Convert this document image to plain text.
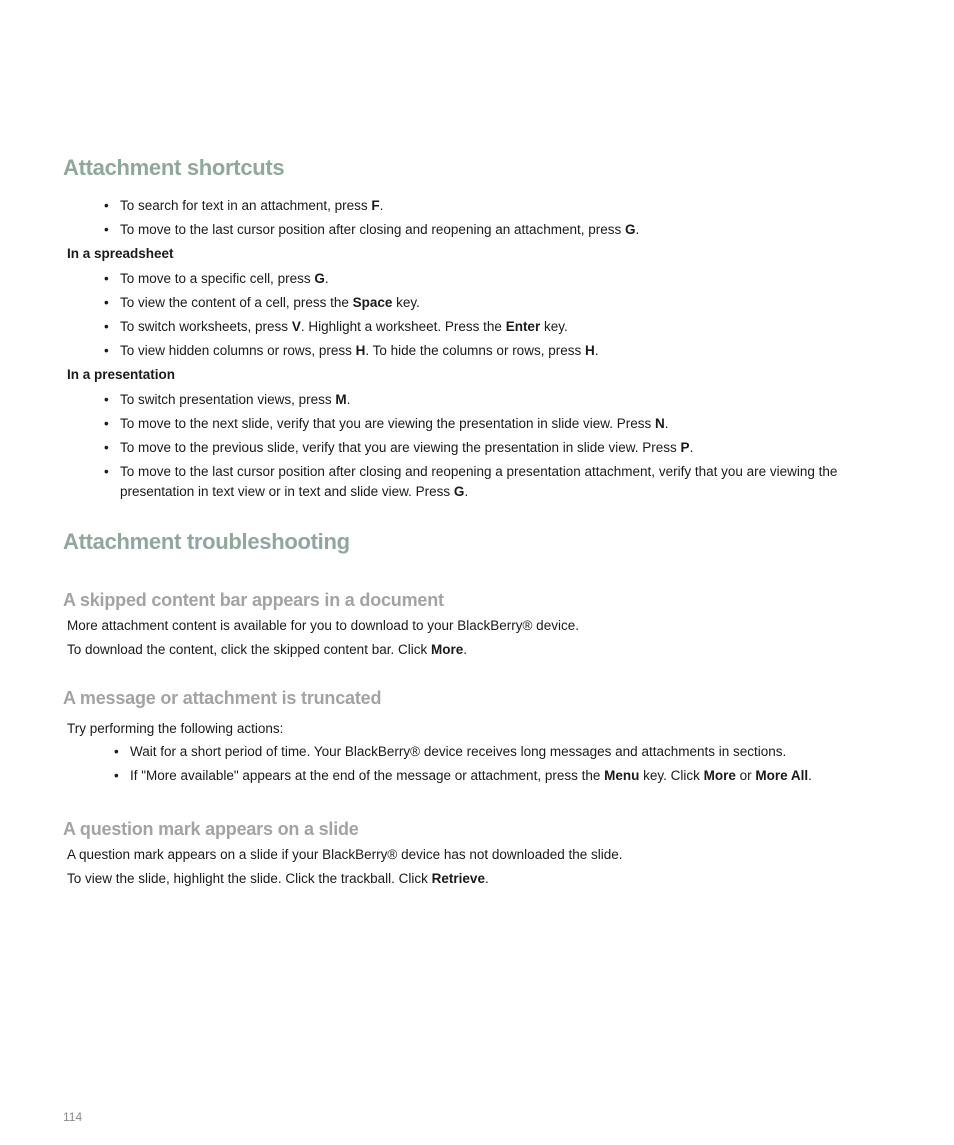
Attachment shortcuts
• To search for text in an attachment, press F.
• To move to the last cursor position after closing and reopening an attachment, press G.

In a spreadsheet

• To move to a specific cell, press G.
• To view the content of a cell, press the Space key.
• To switch worksheets, press V. Highlight a worksheet. Press the Enter key.
• To view hidden columns or rows, press H. To hide the columns or rows, press H.

In a presentation

• To switch presentation views, press M.
• To move to the next slide, verify that you are viewing the presentation in slide view. Press N.
• To move to the previous slide, verify that you are viewing the presentation in slide view. Press P.
• To move to the last cursor position after closing and reopening a presentation attachment, verify that you are viewing the presentation in text view or in text and slide view. Press G.
Attachment troubleshooting
A skipped content bar appears in a document

More attachment content is available for you to download to your BlackBerry® device.

To download the content, click the skipped content bar. Click More.

A message or attachment is truncated

Try performing the following actions:

• Wait for a short period of time. Your BlackBerry® device receives long messages and attachments in sections.
• If "More available" appears at the end of the message or attachment, press the Menu key. Click More or More All.
A question mark appears on a slide

A question mark appears on a slide if your BlackBerry® device has not downloaded the slide.

To view the slide, highlight the slide. Click the trackball. Click Retrieve.

114
